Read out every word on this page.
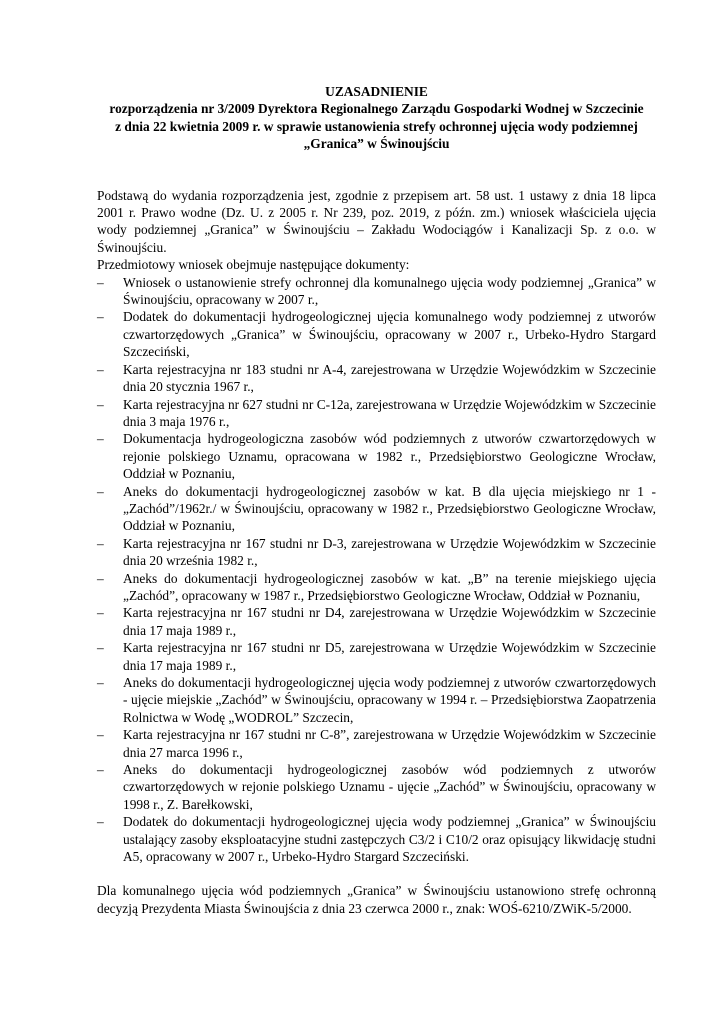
UZASADNIENIE

rozporządzenia nr 3/2009 Dyrektora Regionalnego Zarządu Gospodarki Wodnej w Szczecinie

z dnia 22 kwietnia 2009 r. w sprawie ustanowienia strefy ochronnej ujęcia wody podziemnej

„Granica” w Świnoujściu

Podstawą do wydania rozporządzenia jest, zgodnie z przepisem art. 58 ust. 1 ustawy z dnia 18 lipca 2001 r. Prawo wodne (Dz. U. z 2005 r. Nr 239, poz. 2019, z późn. zm.) wniosek właściciela ujęcia wody podziemnej „Granica” w Świnoujściu – Zakładu Wodociągów i Kanalizacji Sp. z o.o. w Świnoujściu.

Przedmiotowy wniosek obejmuje następujące dokumenty:

– Wniosek o ustanowienie strefy ochronnej dla komunalnego ujęcia wody podziemnej „Granica” w Świnoujściu, opracowany w 2007 r.,
– Dodatek do dokumentacji hydrogeologicznej ujęcia komunalnego wody podziemnej z utworów czwartorzędowych „Granica” w Świnoujściu, opracowany w 2007 r., Urbeko-Hydro Stargard Szczeciński,
– Karta rejestracyjna nr 183 studni nr A-4, zarejestrowana w Urzędzie Wojewódzkim w Szczecinie dnia 20 stycznia 1967 r.,
– Karta rejestracyjna nr 627 studni nr C-12a, zarejestrowana w Urzędzie Wojewódzkim w Szczecinie dnia 3 maja 1976 r.,
– Dokumentacja hydrogeologiczna zasobów wód podziemnych z utworów czwartorzędowych w rejonie polskiego Uznamu, opracowana w 1982 r., Przedsiębiorstwo Geologiczne Wrocław, Oddział w Poznaniu,
– Aneks do dokumentacji hydrogeologicznej zasobów w kat. B dla ujęcia miejskiego nr 1 - „Zachód”/1962r./ w Świnoujściu, opracowany w 1982 r., Przedsiębiorstwo Geologiczne Wrocław, Oddział w Poznaniu,
– Karta rejestracyjna nr 167 studni nr D-3, zarejestrowana w Urzędzie Wojewódzkim w Szczecinie dnia 20 września 1982 r.,
– Aneks do dokumentacji hydrogeologicznej zasobów w kat. „B” na terenie miejskiego ujęcia „Zachód”, opracowany w 1987 r., Przedsiębiorstwo Geologiczne Wrocław, Oddział w Poznaniu,
– Karta rejestracyjna nr 167 studni nr D4, zarejestrowana w Urzędzie Wojewódzkim w Szczecinie dnia 17 maja 1989 r.,
– Karta rejestracyjna nr 167 studni nr D5, zarejestrowana w Urzędzie Wojewódzkim w Szczecinie dnia 17 maja 1989 r.,
– Aneks do dokumentacji hydrogeologicznej ujęcia wody podziemnej z utworów czwartorzędowych - ujęcie miejskie „Zachód” w Świnoujściu, opracowany w 1994 r. – Przedsiębiorstwa Zaopatrzenia Rolnictwa w Wodę „WODROL” Szczecin,
– Karta rejestracyjna nr 167 studni nr C-8”, zarejestrowana w Urzędzie Wojewódzkim w Szczecinie dnia 27 marca 1996 r.,
– Aneks do dokumentacji hydrogeologicznej zasobów wód podziemnych z utworów czwartorzędowych w rejonie polskiego Uznamu - ujęcie „Zachód” w Świnoujściu, opracowany w 1998 r., Z. Barełkowski,
– Dodatek do dokumentacji hydrogeologicznej ujęcia wody podziemnej „Granica” w Świnoujściu ustalający zasoby eksploatacyjne studni zastępczych C3/2 i C10/2 oraz opisujący likwidację studni A5, opracowany w 2007 r., Urbeko-Hydro Stargard Szczeciński.

Dla komunalnego ujęcia wód podziemnych „Granica” w Świnoujściu ustanowiono strefę ochronną decyzją Prezydenta Miasta Świnoujścia z dnia 23 czerwca 2000 r., znak: WOŚ-6210/ZWiK-5/2000.
